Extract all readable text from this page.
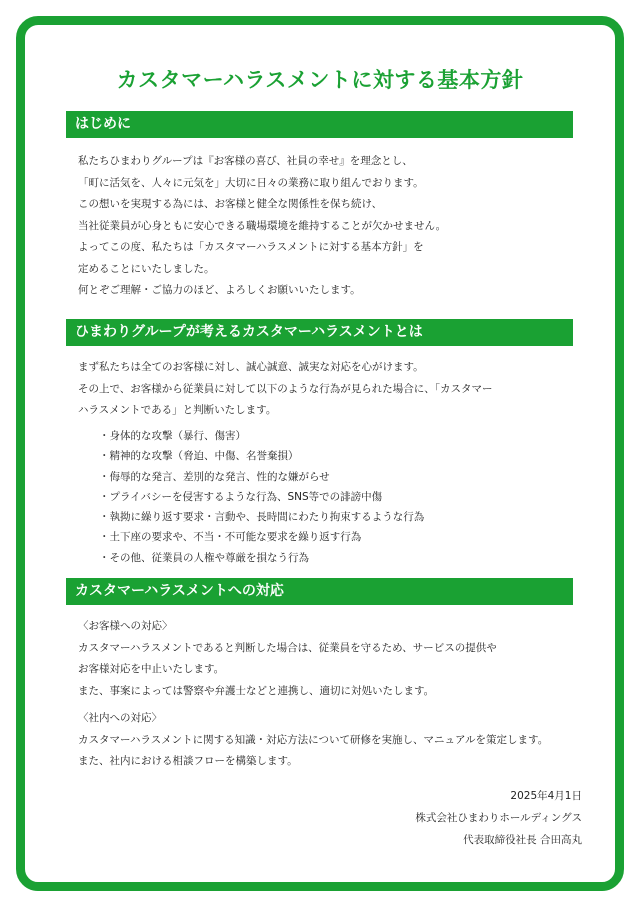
カスタマーハラスメントに対する基本方針
はじめに

私たちひまわりグループは『お客様の喜び、社員の幸せ』を理念とし、

「町に活気を、人々に元気を」大切に日々の業務に取り組んでおります。

この想いを実現する為には、お客様と健全な関係性を保ち続け、

当社従業員が心身ともに安心できる職場環境を維持することが欠かせません。

よってこの度、私たちは「カスタマーハラスメントに対する基本方針」を

定めることにいたしました。

何とぞご理解・ご協力のほど、よろしくお願いいたします。

ひまわりグループが考えるカスタマーハラスメントとは

まず私たちは全てのお客様に対し、誠心誠意、誠実な対応を心がけます。

その上で、お客様から従業員に対して以下のような行為が見られた場合に、「カスタマー

ハラスメントである」と判断いたします。

・身体的な攻撃（暴行、傷害）
・精神的な攻撃（脅迫、中傷、名誉棄損）
・侮辱的な発言、差別的な発言、性的な嫌がらせ
・プライバシーを侵害するような行為、SNS等での誹謗中傷
・執拗に繰り返す要求・言動や、長時間にわたり拘束するような行為
・土下座の要求や、不当・不可能な要求を繰り返す行為
・その他、従業員の人権や尊厳を損なう行為
カスタマーハラスメントへの対応

〈お客様への対応〉

カスタマーハラスメントであると判断した場合は、従業員を守るため、サービスの提供や

お客様対応を中止いたします。

また、事案によっては警察や弁護士などと連携し、適切に対処いたします。

〈社内への対応〉

カスタマーハラスメントに関する知識・対応方法について研修を実施し、マニュアルを策定します。

また、社内における相談フローを構築します。

2025年4月1日

株式会社ひまわりホールディングス

代表取締役社長 合田高丸
